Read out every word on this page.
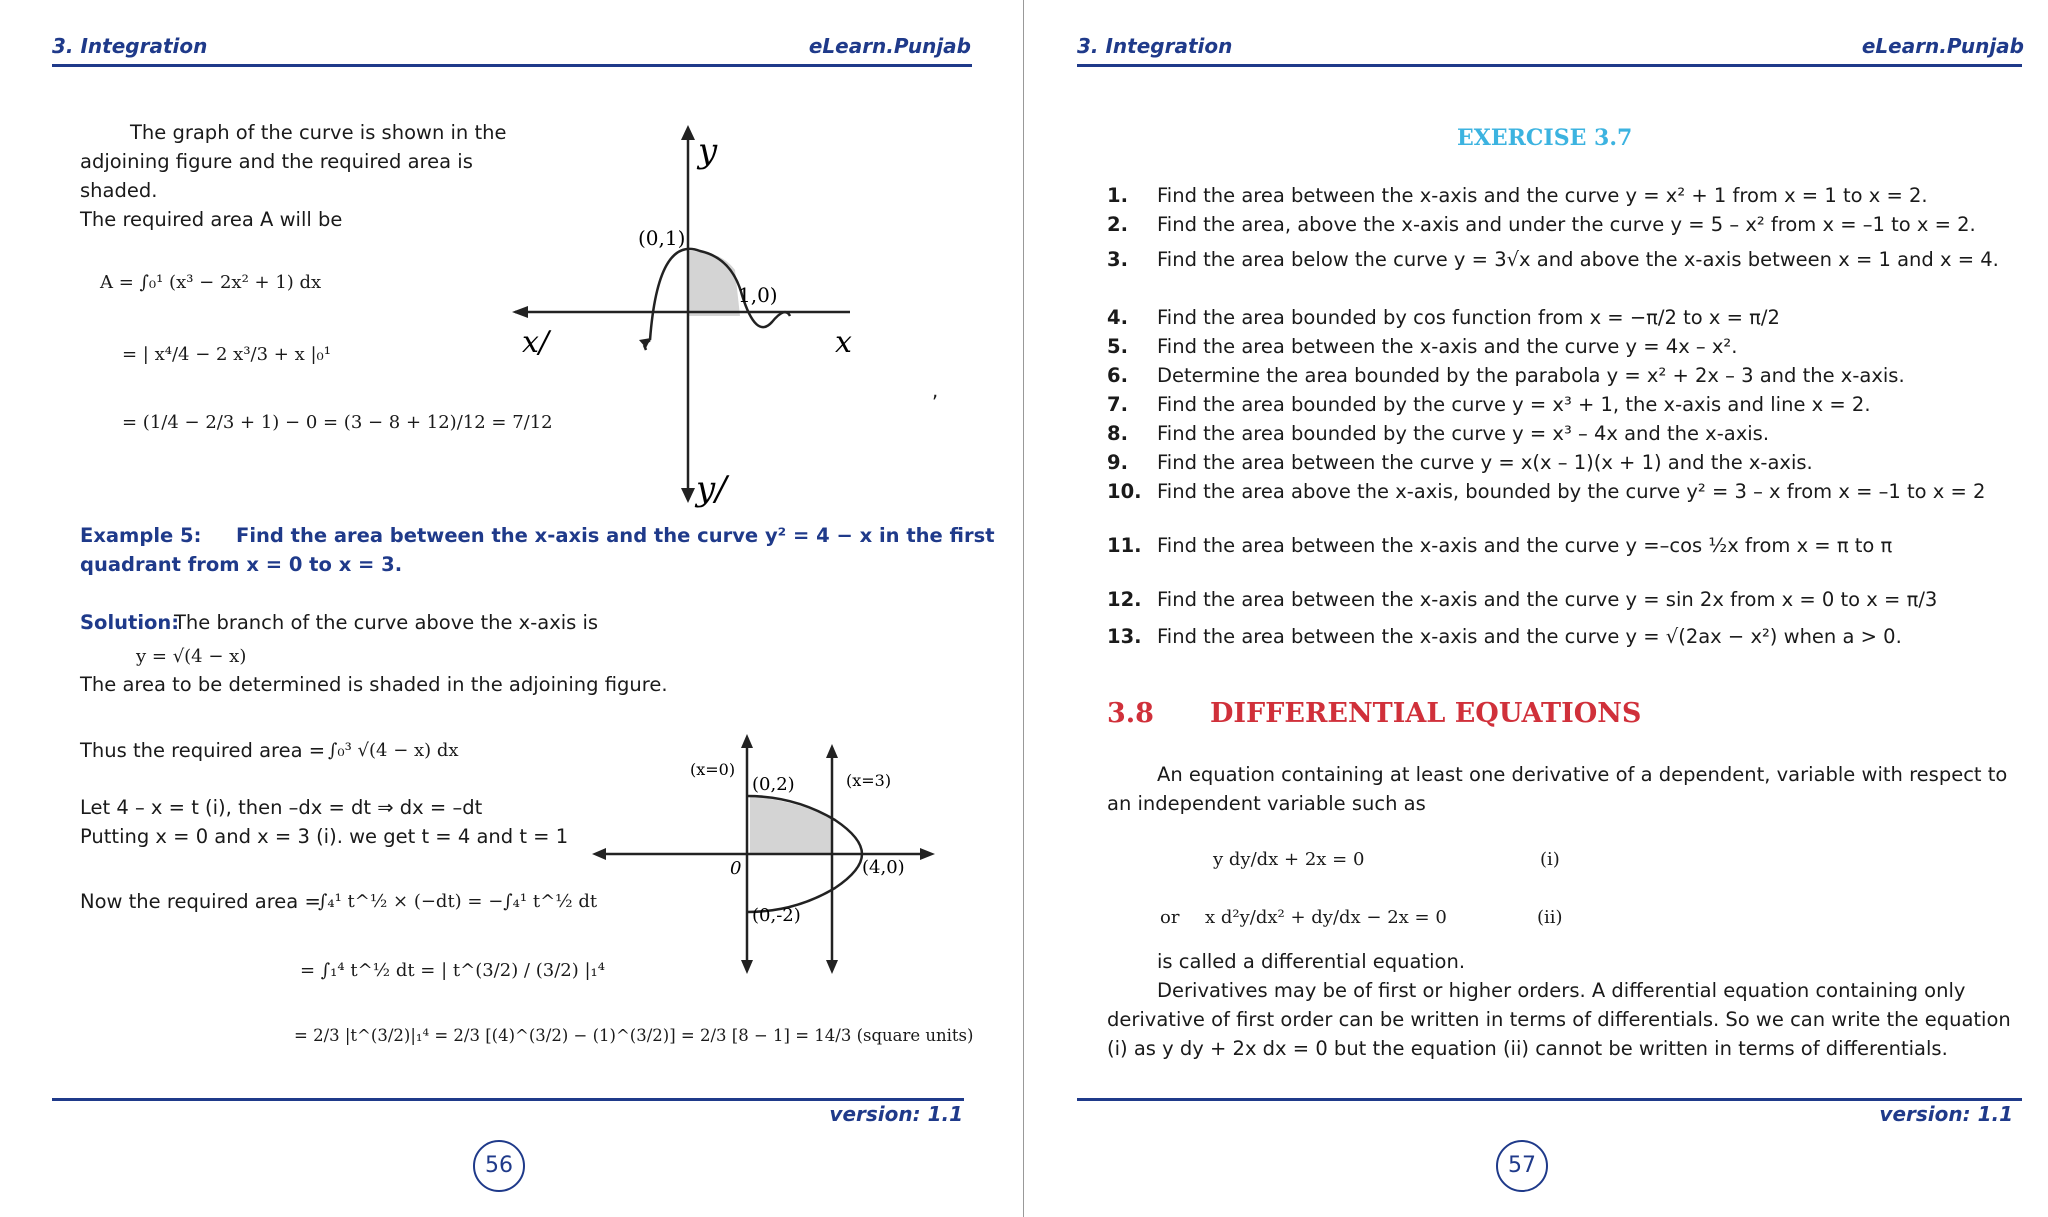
3. Integration	eLearn.Punjab
The graph of the curve is shown in the
adjoining figure and the required area is
shaded.
The required area A will be
A = ∫₀¹ (x³ − 2x² + 1) dx
= | x⁴/4 − 2 x³/3 + x |₀¹
= (1/4 − 2/3 + 1) − 0 = (3 − 8 + 12)/12 = 7/12
y
y/
x
x/
(0,1)
1,0)
,
Example 5: Find the area between the x-axis and the curve y² = 4 − x in the first
quadrant from x = 0 to x = 3.
Solution:
The branch of the curve above the x-axis is
y = √(4 − x)
The area to be determined is shaded in the adjoining figure.
Thus the required area = ∫₀³ √(4 − x) dx
Let 4 – x = t (i), then –dx = dt ⇒ dx = –dt
Putting x = 0 and x = 3 (i). we get t = 4 and t = 1
Now the required area =
∫₄¹ t^½ × (−dt) = −∫₄¹ t^½ dt
= ∫₁⁴ t^½ dt = | t^(3/2) / (3/2) |₁⁴
= 2/3 |t^(3/2)|₁⁴ = 2/3 [(4)^(3/2) − (1)^(3/2)] = 2/3 [8 − 1] = 14/3 (square units)
(x=0)
(x=3)
(0,2)
(4,0)
(0,-2)
0
version: 1.1
56
3. Integration	eLearn.Punjab
EXERCISE 3.7
1. Find the area between the x-axis and the curve y = x² + 1 from x = 1 to x = 2.
2. Find the area, above the x-axis and under the curve y = 5 – x² from x = –1 to x = 2.
3. Find the area below the curve y = 3√x and above the x-axis between x = 1 and x = 4.
4. Find the area bounded by cos function from x = −π/2 to x = π/2
5. Find the area between the x-axis and the curve y = 4x – x².
6. Determine the area bounded by the parabola y = x² + 2x – 3 and the x-axis.
7. Find the area bounded by the curve y = x³ + 1, the x-axis and line x = 2.
8. Find the area bounded by the curve y = x³ – 4x and the x-axis.
9. Find the area between the curve y = x(x – 1)(x + 1) and the x-axis.
10. Find the area above the x-axis, bounded by the curve y² = 3 – x from x = –1 to x = 2
11. Find the area between the x-axis and the curve y =–cos ½x from x = π to π
12. Find the area between the x-axis and the curve y = sin 2x from x = 0 to x = π/3
13. Find the area between the x-axis and the curve y = √(2ax − x²) when a > 0.
3.8 DIFFERENTIAL EQUATIONS
An equation containing at least one derivative of a dependent, variable with respect to
an independent variable such as
y dy/dx + 2x = 0	(i)
or x d²y/dx² + dy/dx − 2x = 0	(ii)
is called a differential equation.
Derivatives may be of first or higher orders. A differential equation containing only
derivative of first order can be written in terms of differentials. So we can write the equation
(i) as y dy + 2x dx = 0 but the equation (ii) cannot be written in terms of differentials.
version: 1.1
57
